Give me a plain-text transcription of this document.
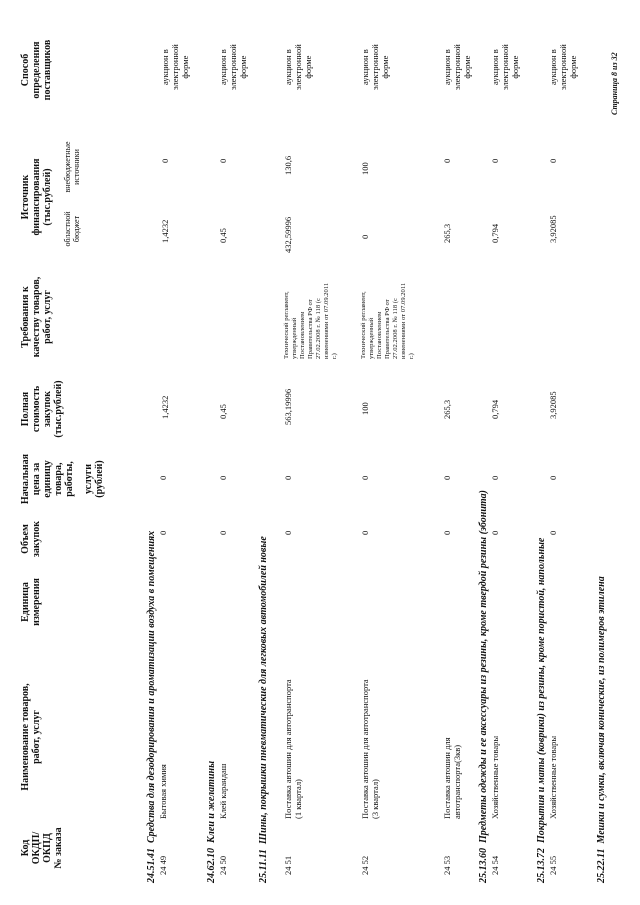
Код ОКДП/ ОКПД № заказа
Наименование товаров, работ, услуг
Единица измерения
Объем закупок
Начальная цена за единицу товара, работы, услуги (рублей)
Полная стоимость закупок (тыс.рублей)
Требования к качеству товаров, работ, услуг
Источник финансирования (тыс.рублей)
областной бюджет
внебюджетные источники
Способ определения поставщиков
24.51.41  Средства для дезодорирования и ароматизации воздуха в помещениях
24 49
Бытовая химия
0
0
1,4232
1,4232
0
аукцион в электронной форме
24.62.10  Клеи и желатины
24 50
Клей карандаш
0
0
0,45
0,45
0
аукцион в электронной форме
25.11.11  Шины, покрышки пневматические для легковых автомобилей новые
24 51
Поставка автошин для автотранспорта (1 квартал)
0
0
563,19996
Технический регламент, утвержденный Постановлением Правительства РФ от 27.02.2008 г. № 118 (с изменениями от 07.09.2011 г.)
432,59996
130,6
аукцион в электронной форме
24 52
Поставка автошин для автотранспорта (3 квартал)
0
0
100
Технический регламент, утвержденный Постановлением Правительства РФ от 27.02.2008 г. № 118 (с изменениями от 07.09.2011 г.)
0
100
аукцион в электронной форме
24 53
Поставка автошин для автотранспорта(3кв)
0
0
265,3
265,3
0
аукцион в электронной форме
25.13.60  Предметы одежды и ее аксессуары из резины, кроме твердой резины (эбонита)
24 54
Хозяйственные товары
0
0
0,794
0,794
0
аукцион в электронной форме
25.13.72  Покрытия и маты (коврики) из резины, кроме пористой, напольные
24 55
Хозяйственные товары
0
0
3,92085
3,92085
0
аукцион в электронной форме
25.22.11  Мешки и сумки, включая конические, из полимеров этилена
Страница 8 из 32
